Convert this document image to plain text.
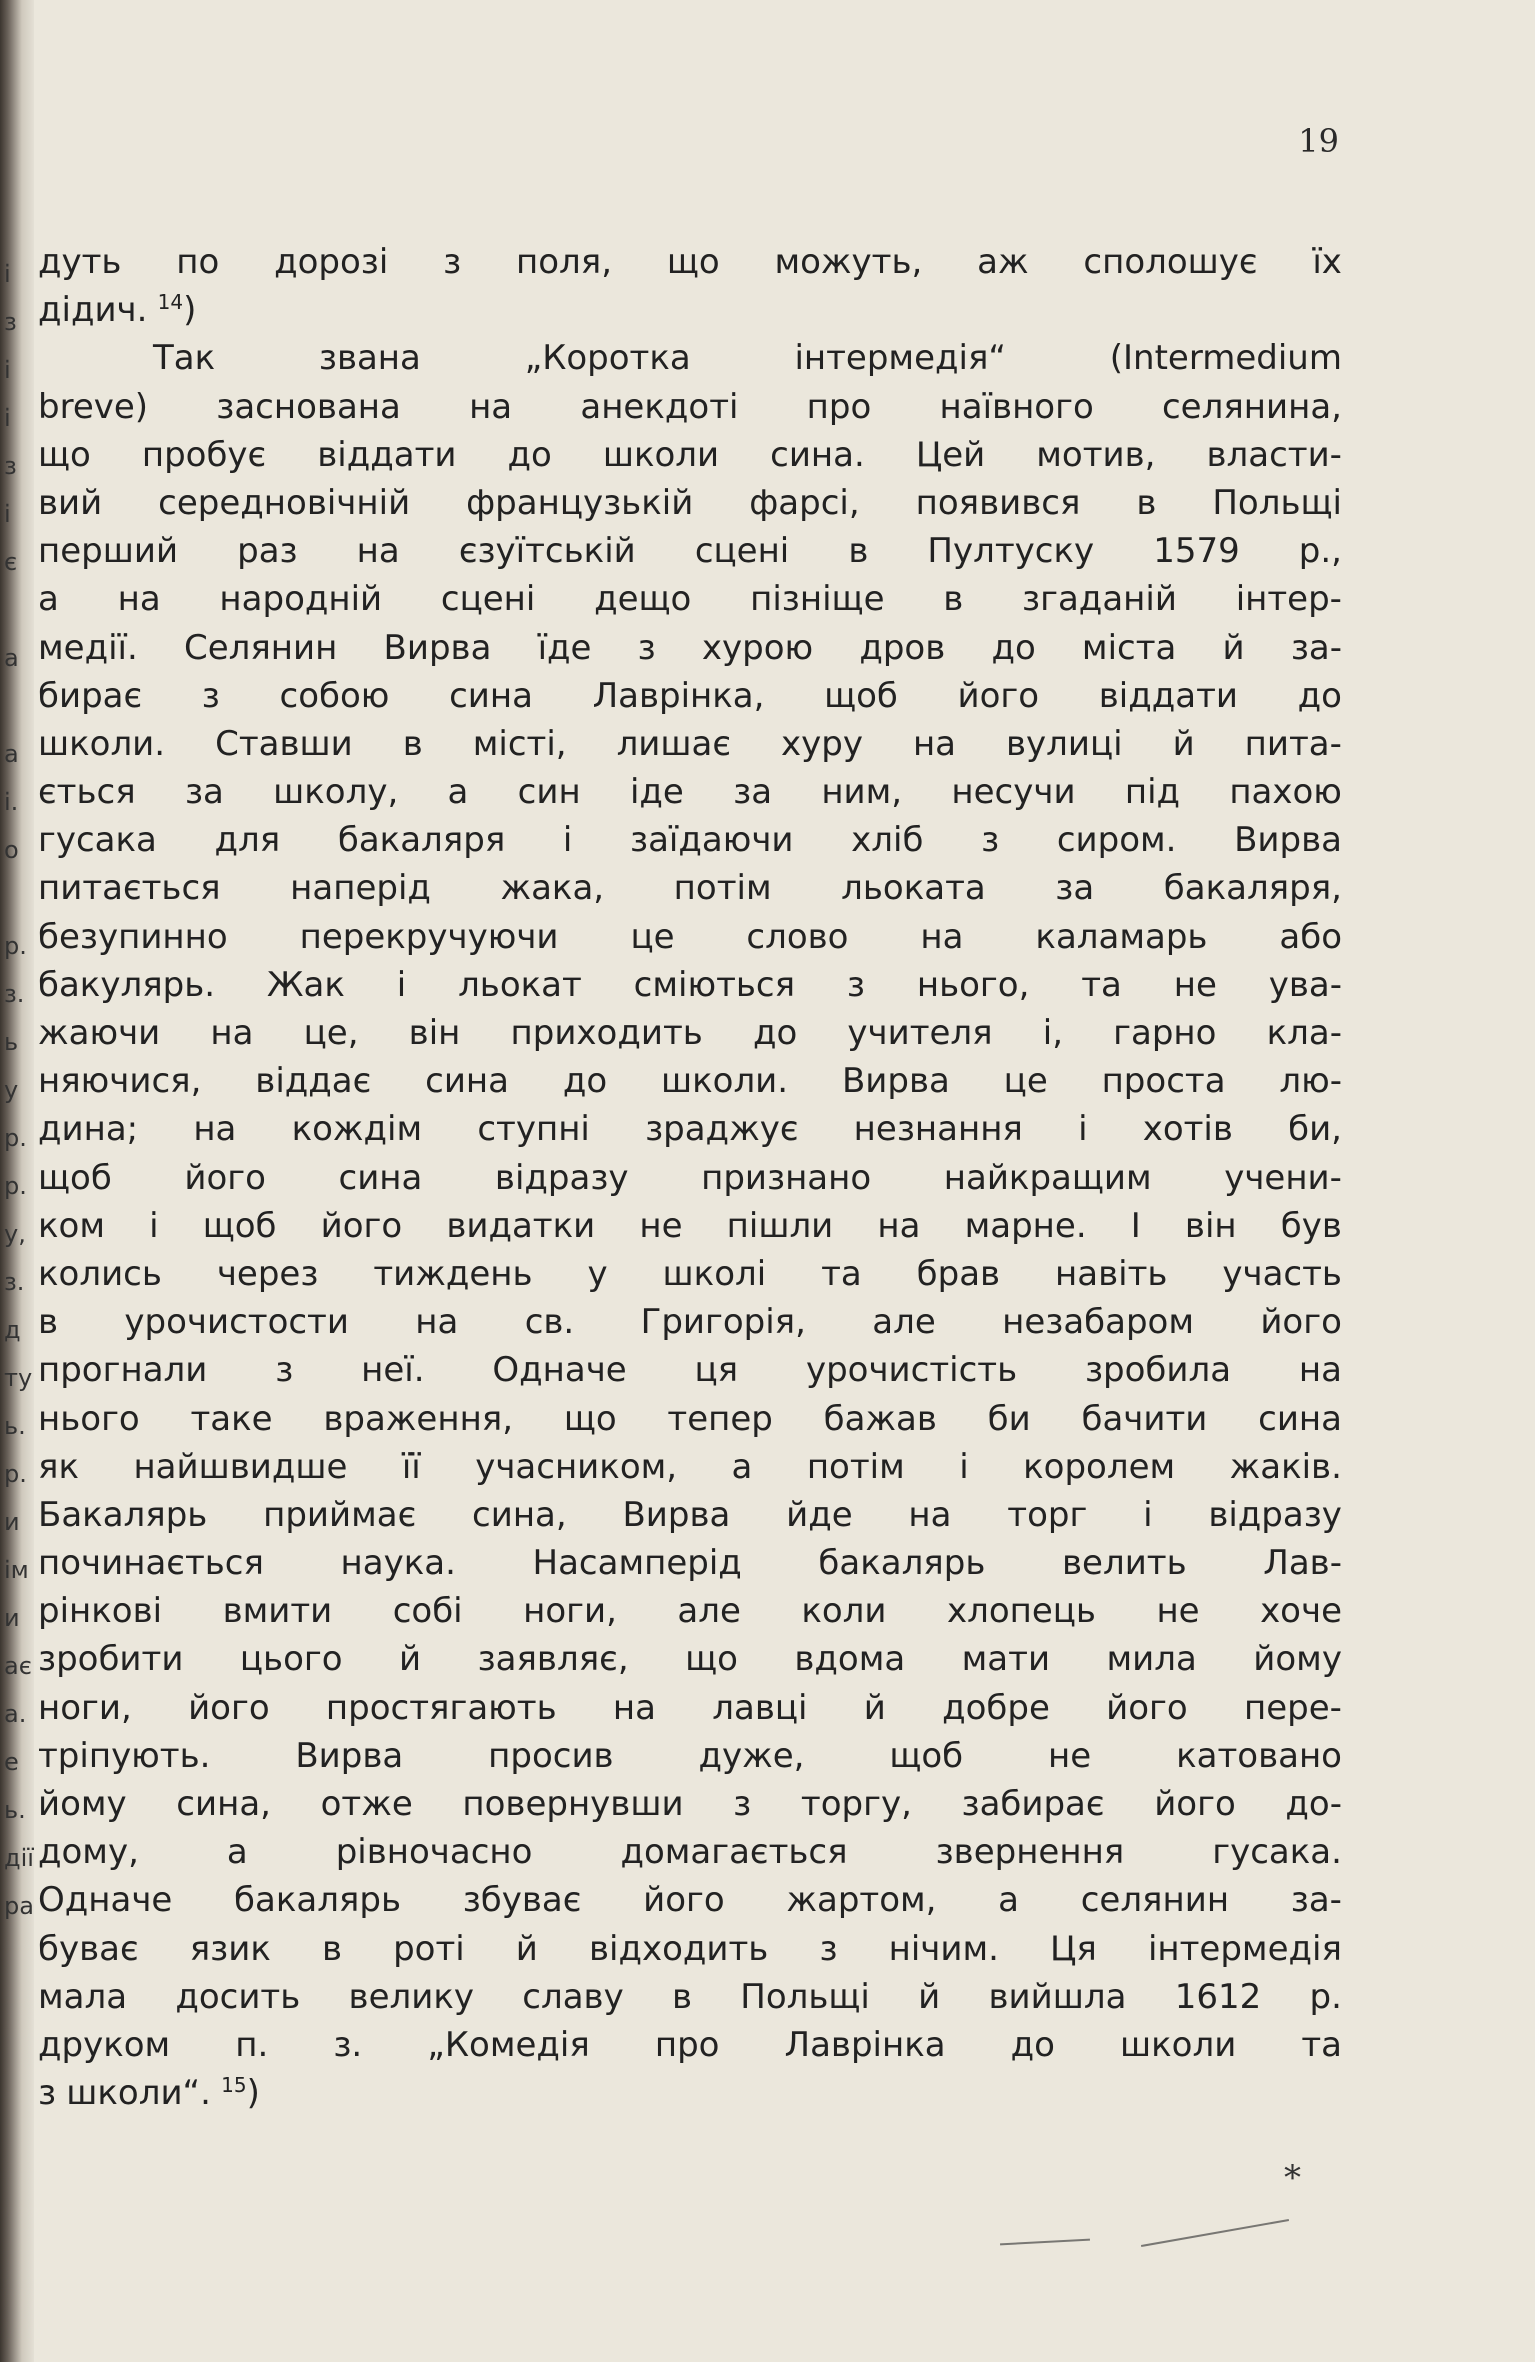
і
з
і
і
з
і
є

а

а
і.
о

р.
з.
ь
у
р.
р.
у,
з.
д
ту
ь.
р.
и
ім
и
ає
а.
е
ь.
дії
ра
19
дуть по дорозі з поля, що можуть, аж сполошує їх
дідич. 14)
Так	звана	„Коротка	інтермедія“	(Intermedium
breve) заснована на анекдоті про наївного селянина,
що пробує віддати до школи сина. Цей мотив, власти-
вий середновічній французькій фарсі, появився в Польщі
перший раз на єзуїтській сцені в Пултуску 1579 р.,
а на народній сцені дещо пізніще в згаданій інтер-
медії. Селянин Вирва їде з хурою дров до міста й за-
бирає з собою сина Лаврінка, щоб його віддати до
школи. Ставши в місті, лишає хуру на вулиці й пита-
ється за школу, а син іде за ним, несучи під пахою
гусака для бакаляря і заїдаючи хліб з сиром. Вирва
питається наперід жака, потім льоката за бакаляря,
безупинно перекручуючи це слово на каламарь або
бакулярь. Жак і льокат сміються з нього, та не ува-
жаючи на це, він приходить до учителя і, гарно кла-
няючися, віддає сина до школи. Вирва це проста лю-
дина; на кождім ступні зраджує незнання і хотів би,
щоб його сина відразу признано найкращим учени-
ком і щоб його видатки не пішли на марне. І він був
колись через тиждень у школі та брав навіть участь
в урочистости на св. Григорія, але незабаром його
прогнали з неї. Одначе ця урочистість зробила на
нього таке враження, що тепер бажав би бачити сина
як найшвидше її учасником, а потім і королем жаків.
Бакалярь приймає сина, Вирва йде на торг і відразу
починається наука. Насамперід бакалярь велить Лав-
рінкові вмити собі ноги, але коли хлопець не хоче
зробити цього й заявляє, що вдома мати мила йому
ноги, його простягають на лавці й добре його пере-
тріпують. Вирва просив дуже, щоб не катовано
йому сина, отже повернувши з торгу, забирає його до-
дому,	а	рівночасно	домагається	звернення	гусака.
Одначе бакалярь збуває його жартом, а селянин за-
буває язик в роті й відходить з нічим. Ця інтермедія
мала досить велику славу в Польщі й вийшла 1612 р.
друком п. з. „Комедія про Лаврінка до школи та
з школи“. 15)
*
